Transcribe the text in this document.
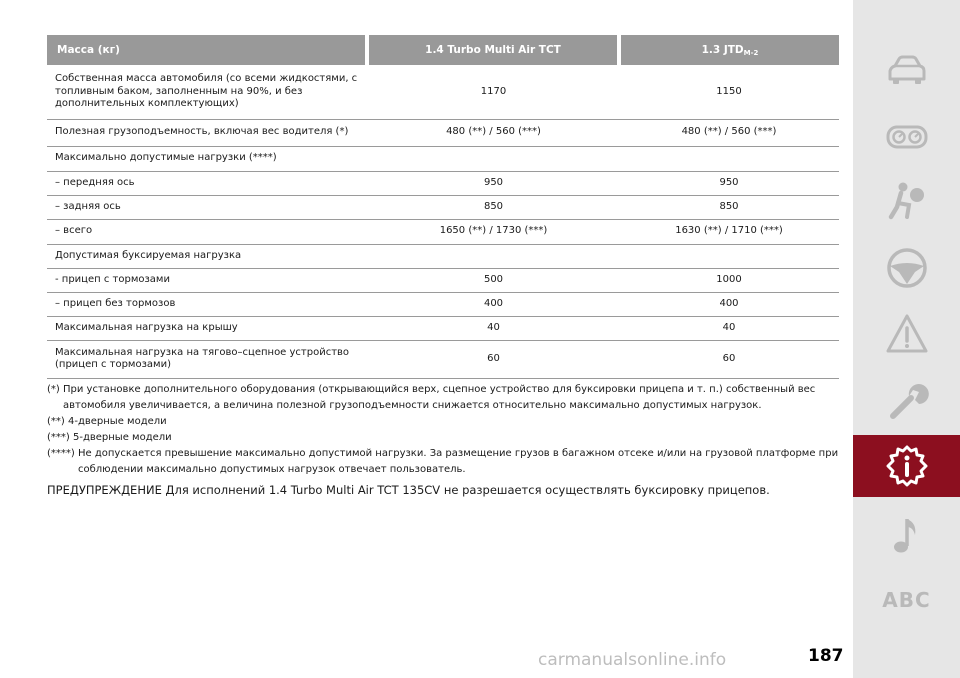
Масса (кг)	1.4 Turbo Multi Air TCT	1.3 $JTD_{M-2}$

Собственная масса автомобиля (со всеми жидкостями, с топливным баком, заполненным на 90%, и без дополнительных комплектующих)	1170	1150
Полезная грузоподъемность, включая вес водителя (*)	480 (**) / 560 (***)	480 (**) / 560 (***)
Максимально допустимые нагрузки (****)		
– передняя ось	950	950
– задняя ось	850	850
– всего	1650 (**) / 1730 (***)	1630 (**) / 1710 (***)
Допустимая буксируемая нагрузка		
- прицеп с тормозами	500	1000
– прицеп без тормозов	400	400
Максимальная нагрузка на крышу	40	40
Максимальная нагрузка на тягово–сцепное устройство (прицеп с тормозами)	60	60
(*) При установке дополнительного оборудования (открывающийся верх, сцепное устройство для буксировки прицепа и т. п.) собственный вес автомобиля увеличивается, а величина полезной грузоподъемности снижается относительно максимально допустимых нагрузок.
(**) 4-дверные модели
(***) 5-дверные модели
(****) Не допускается превышение максимально допустимой нагрузки. За размещение грузов в багажном отсеке и/или на грузовой платформе при соблюдении максимально допустимых нагрузок отвечает пользователь.
ПРЕДУПРЕЖДЕНИЕ Для исполнений 1.4 Turbo Multi Air TCT 135CV не разрешается осуществлять буксировку прицепов.
ABC
carmanualsonline.info	187
